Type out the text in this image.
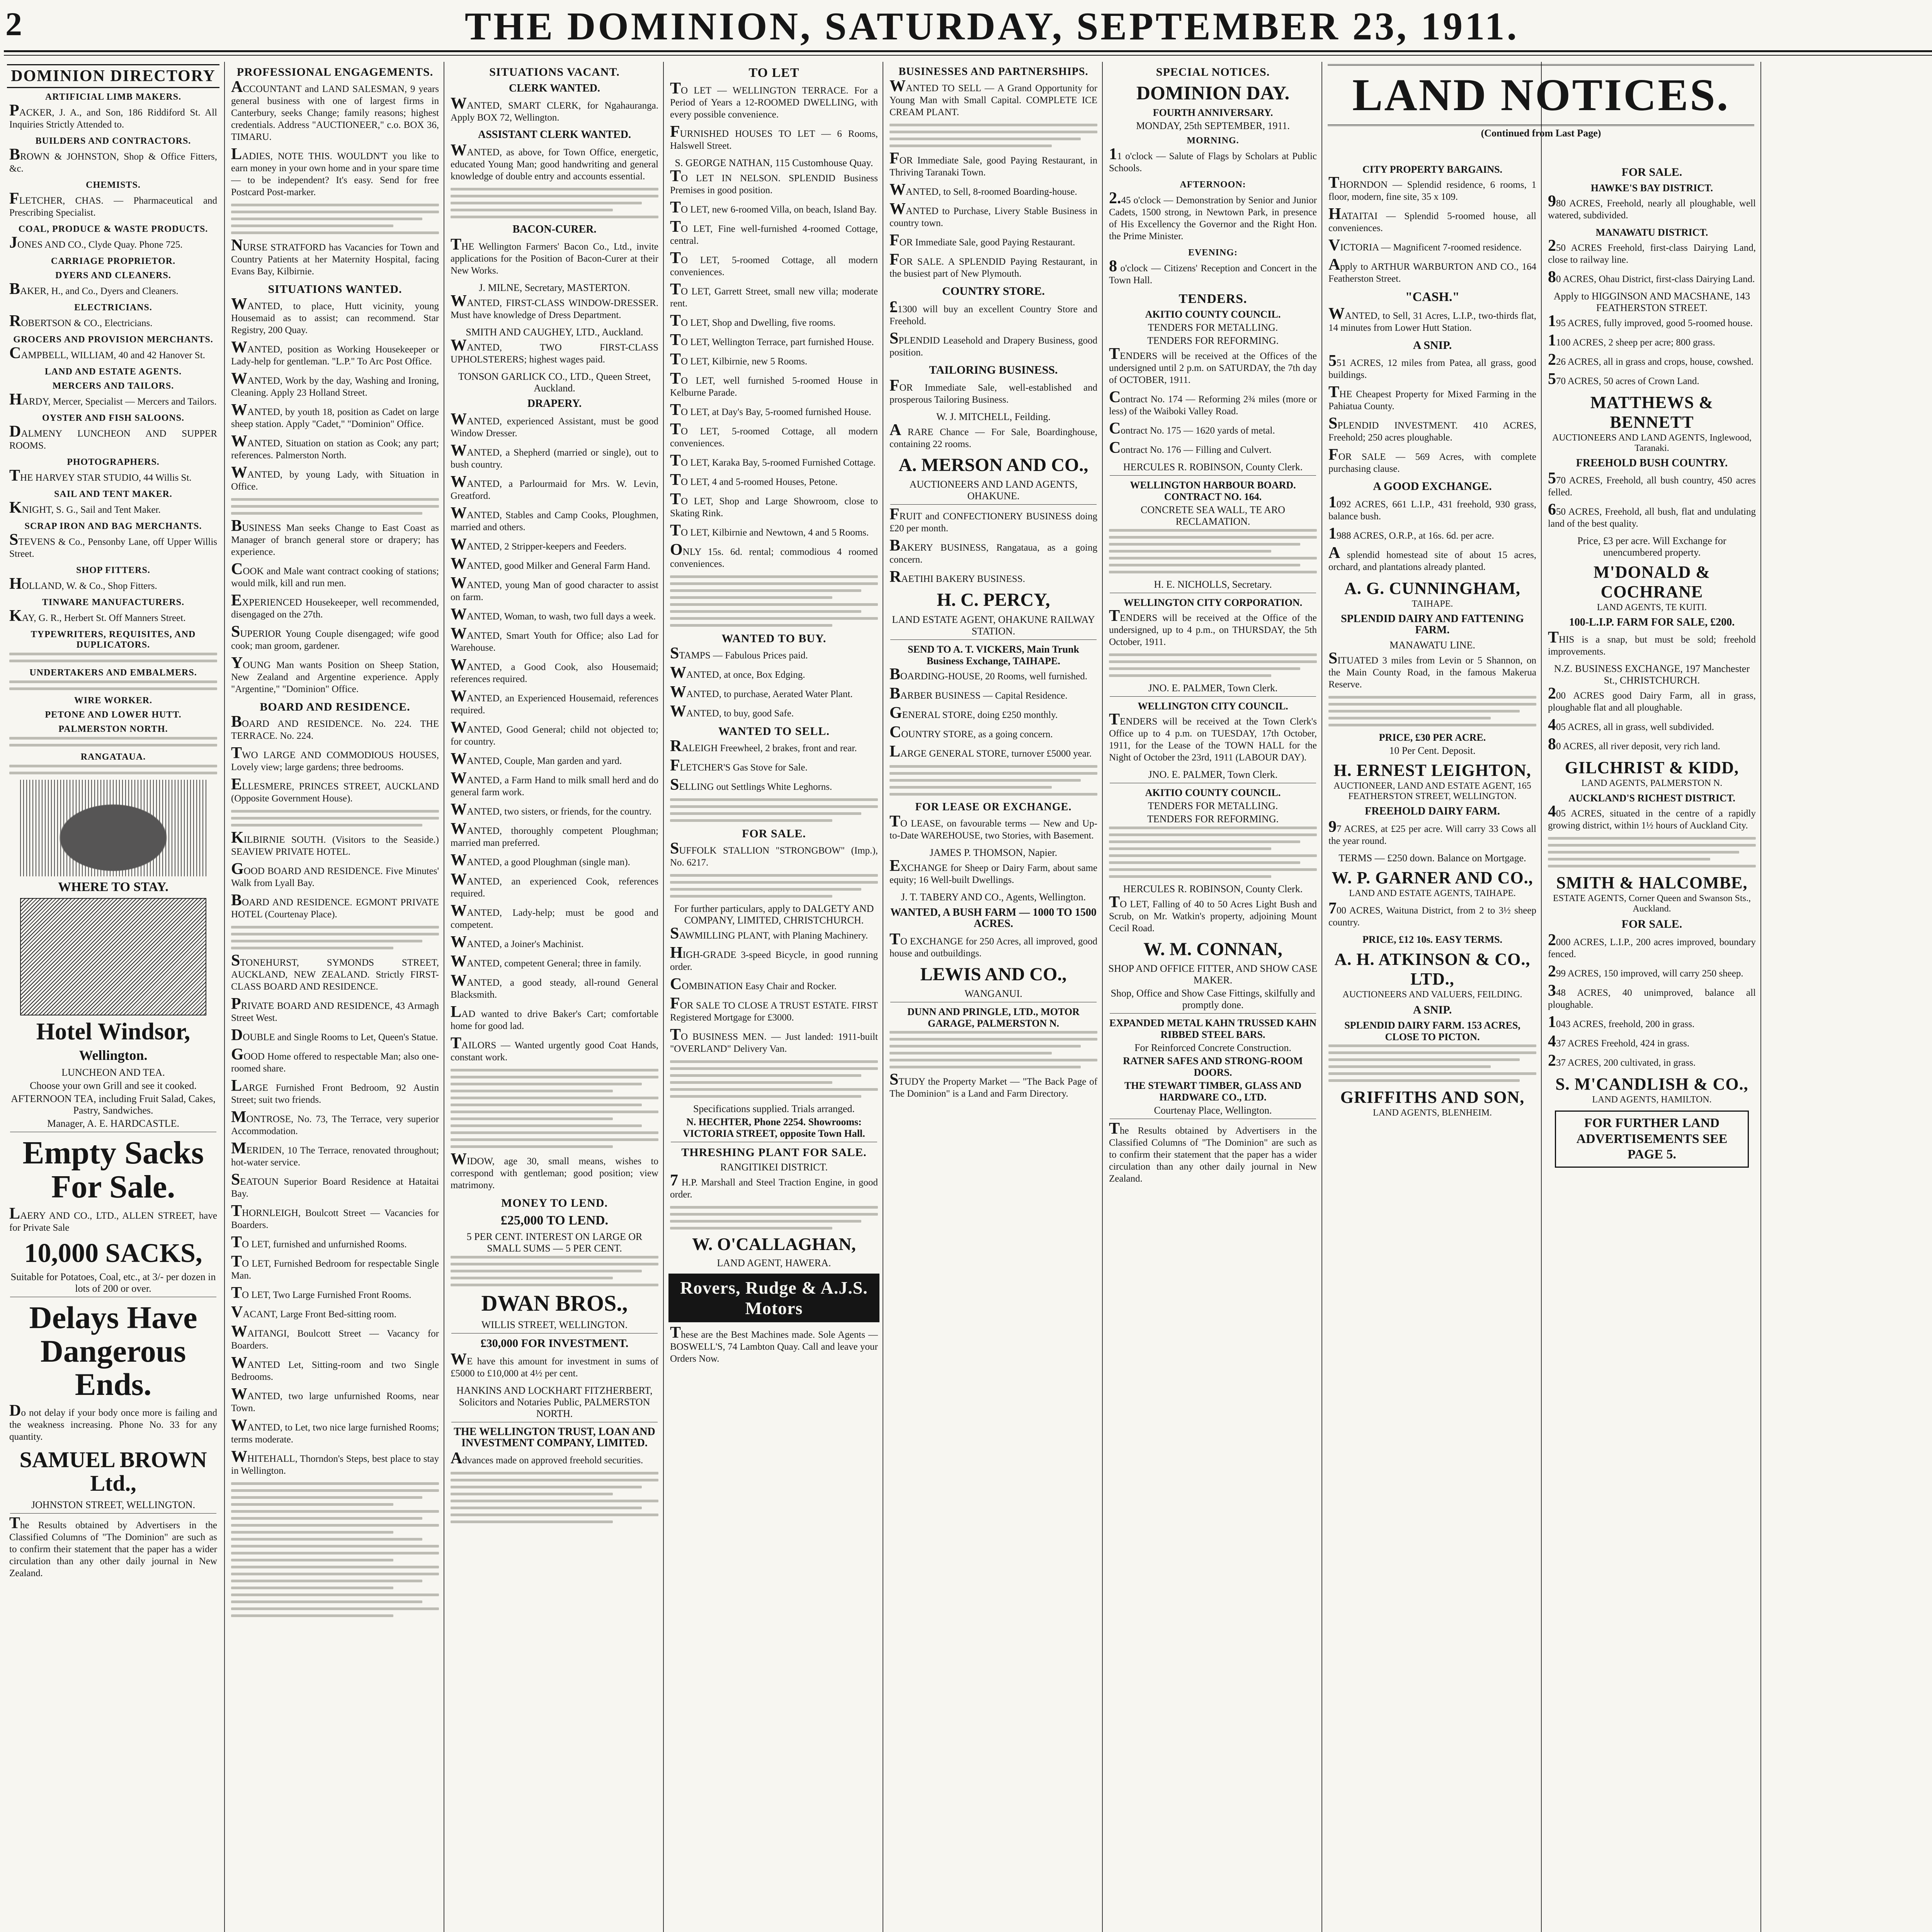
2	THE DOMINION, SATURDAY, SEPTEMBER 23, 1911.
DOMINION DIRECTORY
ARTIFICIAL LIMB MAKERS.
PACKER, J. A., and Son, 186 Riddiford St. All Inquiries Strictly Attended to.
BUILDERS AND CONTRACTORS.
BROWN & JOHNSTON, Shop & Office Fitters, &c.
CHEMISTS.
FLETCHER, CHAS. — Pharmaceutical and Prescribing Specialist.
COAL, PRODUCE & WASTE PRODUCTS.
JONES AND CO., Clyde Quay. Phone 725.
CARRIAGE PROPRIETOR.
DYERS AND CLEANERS.
BAKER, H., and Co., Dyers and Cleaners.
ELECTRICIANS.
ROBERTSON & CO., Electricians.
GROCERS AND PROVISION MERCHANTS.
CAMPBELL, WILLIAM, 40 and 42 Hanover St.
LAND AND ESTATE AGENTS.
MERCERS AND TAILORS.
HARDY, Mercer, Specialist — Mercers and Tailors.
OYSTER AND FISH SALOONS.
DALMENY LUNCHEON AND SUPPER ROOMS.
PHOTOGRAPHERS.
THE HARVEY STAR STUDIO, 44 Willis St.
SAIL AND TENT MAKER.
KNIGHT, S. G., Sail and Tent Maker.
SCRAP IRON AND BAG MERCHANTS.
STEVENS & Co., Pensonby Lane, off Upper Willis Street.
SHOP FITTERS.
HOLLAND, W. & Co., Shop Fitters.
TINWARE MANUFACTURERS.
KAY, G. R., Herbert St. Off Manners Street.
TYPEWRITERS, REQUISITES, AND DUPLICATORS.
UNDERTAKERS AND EMBALMERS.
WIRE WORKER.
PETONE AND LOWER HUTT.
PALMERSTON NORTH.
RANGATAUA.
WHERE TO STAY.
Hotel Windsor,
Wellington.
LUNCHEON AND TEA.
Choose your own Grill and see it cooked.
AFTERNOON TEA, including Fruit Salad, Cakes, Pastry, Sandwiches.
Manager, A. E. HARDCASTLE.
Empty Sacks For Sale.
LAERY AND CO., LTD., ALLEN STREET, have for Private Sale
10,000 SACKS,
Suitable for Potatoes, Coal, etc., at 3/- per dozen in lots of 200 or over.
Delays Have Dangerous Ends.
Do not delay if your body once more is failing and the weakness increasing. Phone No. 33 for any quantity.
SAMUEL BROWN Ltd.,
JOHNSTON STREET, WELLINGTON.
The Results obtained by Advertisers in the Classified Columns of "The Dominion" are such as to confirm their statement that the paper has a wider circulation than any other daily journal in New Zealand.
PROFESSIONAL ENGAGEMENTS.
ACCOUNTANT and LAND SALESMAN, 9 years general business with one of largest firms in Canterbury, seeks Change; family reasons; highest credentials. Address "AUCTIONEER," c.o. BOX 36, TIMARU.
LADIES, NOTE THIS. WOULDN'T you like to earn money in your own home and in your spare time — to be independent? It's easy. Send for free Postcard Post-marker.
NURSE STRATFORD has Vacancies for Town and Country Patients at her Maternity Hospital, facing Evans Bay, Kilbirnie.
SITUATIONS WANTED.
WANTED, to place, Hutt vicinity, young Housemaid as to assist; can recommend. Star Registry, 200 Quay.
WANTED, position as Working Housekeeper or Lady-help for gentleman. "L.P." To Arc Post Office.
WANTED, Work by the day, Washing and Ironing, Cleaning. Apply 23 Holland Street.
WANTED, by youth 18, position as Cadet on large sheep station. Apply "Cadet," "Dominion" Office.
WANTED, Situation on station as Cook; any part; references. Palmerston North.
WANTED, by young Lady, with Situation in Office.
BUSINESS Man seeks Change to East Coast as Manager of branch general store or drapery; has experience.
COOK and Male want contract cooking of stations; would milk, kill and run men.
EXPERIENCED Housekeeper, well recommended, disengaged on the 27th.
SUPERIOR Young Couple disengaged; wife good cook; man groom, gardener.
YOUNG Man wants Position on Sheep Station, New Zealand and Argentine experience. Apply "Argentine," "Dominion" Office.
BOARD AND RESIDENCE.
BOARD AND RESIDENCE. No. 224. THE TERRACE. No. 224.
TWO LARGE AND COMMODIOUS HOUSES, Lovely view; large gardens; three bedrooms.
ELLESMERE, PRINCES STREET, AUCKLAND (Opposite Government House).
KILBIRNIE SOUTH. (Visitors to the Seaside.) SEAVIEW PRIVATE HOTEL.
GOOD BOARD AND RESIDENCE. Five Minutes' Walk from Lyall Bay.
BOARD AND RESIDENCE. EGMONT PRIVATE HOTEL (Courtenay Place).
STONEHURST, SYMONDS STREET, AUCKLAND, NEW ZEALAND. Strictly FIRST-CLASS BOARD AND RESIDENCE.
PRIVATE BOARD AND RESIDENCE, 43 Armagh Street West.
DOUBLE and Single Rooms to Let, Queen's Statue.
GOOD Home offered to respectable Man; also one-roomed share.
LARGE Furnished Front Bedroom, 92 Austin Street; suit two friends.
MONTROSE, No. 73, The Terrace, very superior Accommodation.
MERIDEN, 10 The Terrace, renovated throughout; hot-water service.
SEATOUN Superior Board Residence at Hataitai Bay.
THORNLEIGH, Boulcott Street — Vacancies for Boarders.
TO LET, furnished and unfurnished Rooms.
TO LET, Furnished Bedroom for respectable Single Man.
TO LET, Two Large Furnished Front Rooms.
VACANT, Large Front Bed-sitting room.
WAITANGI, Boulcott Street — Vacancy for Boarders.
WANTED Let, Sitting-room and two Single Bedrooms.
WANTED, two large unfurnished Rooms, near Town.
WANTED, to Let, two nice large furnished Rooms; terms moderate.
WHITEHALL, Thorndon's Steps, best place to stay in Wellington.
SITUATIONS VACANT.
CLERK WANTED.
WANTED, SMART CLERK, for Ngahauranga. Apply BOX 72, Wellington.
ASSISTANT CLERK WANTED.
WANTED, as above, for Town Office, energetic, educated Young Man; good handwriting and general knowledge of double entry and accounts essential.
BACON-CURER.
THE Wellington Farmers' Bacon Co., Ltd., invite applications for the Position of Bacon-Curer at their New Works.
J. MILNE, Secretary, MASTERTON.
WANTED, FIRST-CLASS WINDOW-DRESSER. Must have knowledge of Dress Department.
SMITH AND CAUGHEY, LTD., Auckland.
WANTED, TWO FIRST-CLASS UPHOLSTERERS; highest wages paid.
TONSON GARLICK CO., LTD., Queen Street, Auckland.
DRAPERY.
WANTED, experienced Assistant, must be good Window Dresser.
WANTED, a Shepherd (married or single), out to bush country.
WANTED, a Parlourmaid for Mrs. W. Levin, Greatford.
WANTED, Stables and Camp Cooks, Ploughmen, married and others.
WANTED, 2 Stripper-keepers and Feeders.
WANTED, good Milker and General Farm Hand.
WANTED, young Man of good character to assist on farm.
WANTED, Woman, to wash, two full days a week.
WANTED, Smart Youth for Office; also Lad for Warehouse.
WANTED, a Good Cook, also Housemaid; references required.
WANTED, an Experienced Housemaid, references required.
WANTED, Good General; child not objected to; for country.
WANTED, Couple, Man garden and yard.
WANTED, a Farm Hand to milk small herd and do general farm work.
WANTED, two sisters, or friends, for the country.
WANTED, thoroughly competent Ploughman; married man preferred.
WANTED, a good Ploughman (single man).
WANTED, an experienced Cook, references required.
WANTED, Lady-help; must be good and competent.
WANTED, a Joiner's Machinist.
WANTED, competent General; three in family.
WANTED, a good steady, all-round General Blacksmith.
LAD wanted to drive Baker's Cart; comfortable home for good lad.
TAILORS — Wanted urgently good Coat Hands, constant work.
WIDOW, age 30, small means, wishes to correspond with gentleman; good position; view matrimony.
MONEY TO LEND.
£25,000 TO LEND.
5 PER CENT. INTEREST ON LARGE OR SMALL SUMS — 5 PER CENT.
DWAN BROS.,
WILLIS STREET, WELLINGTON.
£30,000 FOR INVESTMENT.
WE have this amount for investment in sums of £5000 to £10,000 at 4½ per cent.
HANKINS AND LOCKHART FITZHERBERT, Solicitors and Notaries Public, PALMERSTON NORTH.
THE WELLINGTON TRUST, LOAN AND INVESTMENT COMPANY, LIMITED.
Advances made on approved freehold securities.
TO LET
TO LET — WELLINGTON TERRACE. For a Period of Years a 12-ROOMED DWELLING, with every possible convenience.
FURNISHED HOUSES TO LET — 6 Rooms, Halswell Street.
S. GEORGE NATHAN, 115 Customhouse Quay.
TO LET IN NELSON. SPLENDID Business Premises in good position.
TO LET, new 6-roomed Villa, on beach, Island Bay.
TO LET, Fine well-furnished 4-roomed Cottage, central.
TO LET, 5-roomed Cottage, all modern conveniences.
TO LET, Garrett Street, small new villa; moderate rent.
TO LET, Shop and Dwelling, five rooms.
TO LET, Wellington Terrace, part furnished House.
TO LET, Kilbirnie, new 5 Rooms.
TO LET, well furnished 5-roomed House in Kelburne Parade.
TO LET, at Day's Bay, 5-roomed furnished House.
TO LET, 5-roomed Cottage, all modern conveniences.
TO LET, Karaka Bay, 5-roomed Furnished Cottage.
TO LET, 4 and 5-roomed Houses, Petone.
TO LET, Shop and Large Showroom, close to Skating Rink.
TO LET, Kilbirnie and Newtown, 4 and 5 Rooms.
ONLY 15s. 6d. rental; commodious 4 roomed conveniences.
WANTED TO BUY.
STAMPS — Fabulous Prices paid.
WANTED, at once, Box Edging.
WANTED, to purchase, Aerated Water Plant.
WANTED, to buy, good Safe.
WANTED TO SELL.
RALEIGH Freewheel, 2 brakes, front and rear.
FLETCHER'S Gas Stove for Sale.
SELLING out Settlings White Leghorns.
FOR SALE.
SUFFOLK STALLION "STRONGBOW" (Imp.), No. 6217.
For further particulars, apply to DALGETY AND COMPANY, LIMITED, CHRISTCHURCH.
SAWMILLING PLANT, with Planing Machinery.
HIGH-GRADE 3-speed Bicycle, in good running order.
COMBINATION Easy Chair and Rocker.
FOR SALE TO CLOSE A TRUST ESTATE. FIRST Registered Mortgage for £3000.
TO BUSINESS MEN. — Just landed: 1911-built "OVERLAND" Delivery Van.
Specifications supplied. Trials arranged.
N. HECHTER, Phone 2254. Showrooms: VICTORIA STREET, opposite Town Hall.
THRESHING PLANT FOR SALE.
RANGITIKEI DISTRICT.
7 H.P. Marshall and Steel Traction Engine, in good order.
W. O'CALLAGHAN,
LAND AGENT, HAWERA.
Rovers, Rudge & A.J.S. Motors
These are the Best Machines made. Sole Agents — BOSWELL'S, 74 Lambton Quay. Call and leave your Orders Now.
BUSINESSES AND PARTNERSHIPS.
WANTED TO SELL — A Grand Opportunity for Young Man with Small Capital. COMPLETE ICE CREAM PLANT.
FOR Immediate Sale, good Paying Restaurant, in Thriving Taranaki Town.
WANTED, to Sell, 8-roomed Boarding-house.
WANTED to Purchase, Livery Stable Business in country town.
FOR Immediate Sale, good Paying Restaurant.
FOR SALE. A SPLENDID Paying Restaurant, in the busiest part of New Plymouth.
COUNTRY STORE.
£1300 will buy an excellent Country Store and Freehold.
SPLENDID Leasehold and Drapery Business, good position.
TAILORING BUSINESS.
FOR Immediate Sale, well-established and prosperous Tailoring Business.
W. J. MITCHELL, Feilding.
A RARE Chance — For Sale, Boardinghouse, containing 22 rooms.
A. MERSON AND CO.,
AUCTIONEERS AND LAND AGENTS, OHAKUNE.
FRUIT and CONFECTIONERY BUSINESS doing £20 per month.
BAKERY BUSINESS, Rangataua, as a going concern.
RAETIHI BAKERY BUSINESS.
H. C. PERCY,
LAND ESTATE AGENT, OHAKUNE RAILWAY STATION.
SEND TO A. T. VICKERS, Main Trunk Business Exchange, TAIHAPE.
BOARDING-HOUSE, 20 Rooms, well furnished.
BARBER BUSINESS — Capital Residence.
GENERAL STORE, doing £250 monthly.
COUNTRY STORE, as a going concern.
LARGE GENERAL STORE, turnover £5000 year.
FOR LEASE OR EXCHANGE.
TO LEASE, on favourable terms — New and Up-to-Date WAREHOUSE, two Stories, with Basement.
JAMES P. THOMSON, Napier.
EXCHANGE for Sheep or Dairy Farm, about same equity; 16 Well-built Dwellings.
J. T. TABERY AND CO., Agents, Wellington.
WANTED, A BUSH FARM — 1000 TO 1500 ACRES.
TO EXCHANGE for 250 Acres, all improved, good house and outbuildings.
LEWIS AND CO.,
WANGANUI.
DUNN AND PRINGLE, LTD., MOTOR GARAGE, PALMERSTON N.
STUDY the Property Market — "The Back Page of The Dominion" is a Land and Farm Directory.
SPECIAL NOTICES.
DOMINION DAY.
FOURTH ANNIVERSARY.
MONDAY, 25th SEPTEMBER, 1911.
MORNING.
11 o'clock — Salute of Flags by Scholars at Public Schools.
AFTERNOON:
2.45 o'clock — Demonstration by Senior and Junior Cadets, 1500 strong, in Newtown Park, in presence of His Excellency the Governor and the Right Hon. the Prime Minister.
EVENING:
8 o'clock — Citizens' Reception and Concert in the Town Hall.
TENDERS.
AKITIO COUNTY COUNCIL.
TENDERS FOR METALLING.
TENDERS FOR REFORMING.
TENDERS will be received at the Offices of the undersigned until 2 p.m. on SATURDAY, the 7th day of OCTOBER, 1911.
Contract No. 174 — Reforming 2¾ miles (more or less) of the Waiboki Valley Road.
Contract No. 175 — 1620 yards of metal.
Contract No. 176 — Filling and Culvert.
HERCULES R. ROBINSON, County Clerk.
WELLINGTON HARBOUR BOARD. CONTRACT NO. 164.
CONCRETE SEA WALL, TE ARO RECLAMATION.
H. E. NICHOLLS, Secretary.
WELLINGTON CITY CORPORATION.
TENDERS will be received at the Office of the undersigned, up to 4 p.m., on THURSDAY, the 5th October, 1911.
JNO. E. PALMER, Town Clerk.
WELLINGTON CITY COUNCIL.
TENDERS will be received at the Town Clerk's Office up to 4 p.m. on TUESDAY, 17th October, 1911, for the Lease of the TOWN HALL for the Night of October the 23rd, 1911 (LABOUR DAY).
JNO. E. PALMER, Town Clerk.
AKITIO COUNTY COUNCIL.
TENDERS FOR METALLING.
TENDERS FOR REFORMING.
HERCULES R. ROBINSON, County Clerk.
TO LET, Falling of 40 to 50 Acres Light Bush and Scrub, on Mr. Watkin's property, adjoining Mount Cecil Road.
W. M. CONNAN,
SHOP AND OFFICE FITTER, AND SHOW CASE MAKER.
Shop, Office and Show Case Fittings, skilfully and promptly done.
EXPANDED METAL KAHN TRUSSED KAHN RIBBED STEEL BARS.
For Reinforced Concrete Construction.
RATNER SAFES AND STRONG-ROOM DOORS.
THE STEWART TIMBER, GLASS AND HARDWARE CO., LTD.
Courtenay Place, Wellington.
The Results obtained by Advertisers in the Classified Columns of "The Dominion" are such as to confirm their statement that the paper has a wider circulation than any other daily journal in New Zealand.
LAND NOTICES.
(Continued from Last Page)
CITY PROPERTY BARGAINS.
THORNDON — Splendid residence, 6 rooms, 1 floor, modern, fine site, 35 x 109.
HATAITAI — Splendid 5-roomed house, all conveniences.
VICTORIA — Magnificent 7-roomed residence.
Apply to ARTHUR WARBURTON AND CO., 164 Featherston Street.
"CASH."
WANTED, to Sell, 31 Acres, L.I.P., two-thirds flat, 14 minutes from Lower Hutt Station.
A SNIP.
551 ACRES, 12 miles from Patea, all grass, good buildings.
THE Cheapest Property for Mixed Farming in the Pahiatua County.
SPLENDID INVESTMENT. 410 ACRES, Freehold; 250 acres ploughable.
FOR SALE — 569 Acres, with complete purchasing clause.
A GOOD EXCHANGE.
1092 ACRES, 661 L.I.P., 431 freehold, 930 grass, balance bush.
1988 ACRES, O.R.P., at 16s. 6d. per acre.
A splendid homestead site of about 15 acres, orchard, and plantations already planted.
A. G. CUNNINGHAM,
TAIHAPE.
SPLENDID DAIRY AND FATTENING FARM.
MANAWATU LINE.
SITUATED 3 miles from Levin or 5 Shannon, on the Main County Road, in the famous Makerua Reserve.
PRICE, £30 PER ACRE.
10 Per Cent. Deposit.
H. ERNEST LEIGHTON,
AUCTIONEER, LAND AND ESTATE AGENT, 165 FEATHERSTON STREET, WELLINGTON.
FREEHOLD DAIRY FARM.
97 ACRES, at £25 per acre. Will carry 33 Cows all the year round.
TERMS — £250 down. Balance on Mortgage.
W. P. GARNER AND CO.,
LAND AND ESTATE AGENTS, TAIHAPE.
700 ACRES, Waituna District, from 2 to 3½ sheep country.
PRICE, £12 10s. EASY TERMS.
A. H. ATKINSON & CO., LTD.,
AUCTIONEERS AND VALUERS, FEILDING.
A SNIP.
SPLENDID DAIRY FARM. 153 ACRES, CLOSE TO PICTON.
GRIFFITHS AND SON,
LAND AGENTS, BLENHEIM.
FOR SALE.
HAWKE'S BAY DISTRICT.
980 ACRES, Freehold, nearly all ploughable, well watered, subdivided.
MANAWATU DISTRICT.
250 ACRES Freehold, first-class Dairying Land, close to railway line.
80 ACRES, Ohau District, first-class Dairying Land.
Apply to HIGGINSON AND MACSHANE, 143 FEATHERSTON STREET.
195 ACRES, fully improved, good 5-roomed house.
1100 ACRES, 2 sheep per acre; 800 grass.
226 ACRES, all in grass and crops, house, cowshed.
570 ACRES, 50 acres of Crown Land.
MATTHEWS & BENNETT
AUCTIONEERS AND LAND AGENTS, Inglewood, Taranaki.
FREEHOLD BUSH COUNTRY.
570 ACRES, Freehold, all bush country, 450 acres felled.
650 ACRES, Freehold, all bush, flat and undulating land of the best quality.
Price, £3 per acre. Will Exchange for unencumbered property.
M'DONALD & COCHRANE
LAND AGENTS, TE KUITI.
100-L.I.P. FARM FOR SALE, £200.
THIS is a snap, but must be sold; freehold improvements.
N.Z. BUSINESS EXCHANGE, 197 Manchester St., CHRISTCHURCH.
200 ACRES good Dairy Farm, all in grass, ploughable flat and all ploughable.
405 ACRES, all in grass, well subdivided.
80 ACRES, all river deposit, very rich land.
GILCHRIST & KIDD,
LAND AGENTS, PALMERSTON N.
AUCKLAND'S RICHEST DISTRICT.
405 ACRES, situated in the centre of a rapidly growing district, within 1½ hours of Auckland City.
SMITH & HALCOMBE,
ESTATE AGENTS, Corner Queen and Swanson Sts., Auckland.
FOR SALE.
2000 ACRES, L.I.P., 200 acres improved, boundary fenced.
299 ACRES, 150 improved, will carry 250 sheep.
348 ACRES, 40 unimproved, balance all ploughable.
1043 ACRES, freehold, 200 in grass.
437 ACRES Freehold, 424 in grass.
237 ACRES, 200 cultivated, in grass.
S. M'CANDLISH & CO.,
LAND AGENTS, HAMILTON.
FOR FURTHER LAND ADVERTISEMENTS SEE PAGE 5.
